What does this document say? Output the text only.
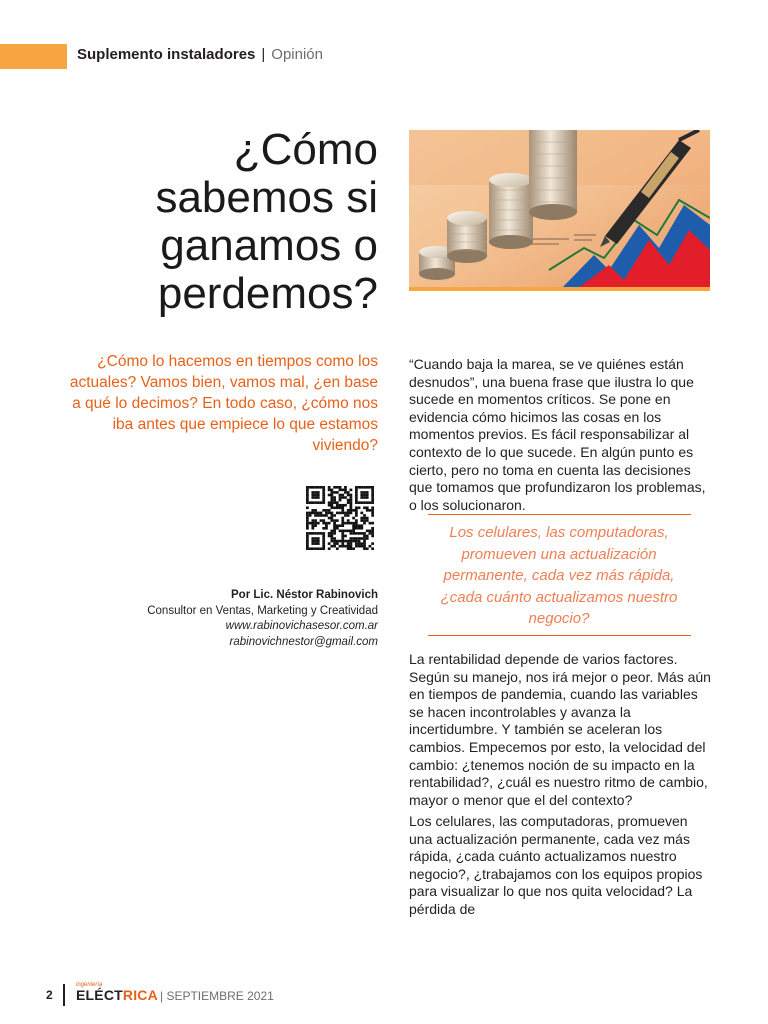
Suplemento instaladores | Opinión
¿Cómo
sabemos si
ganamos o
perdemos?

¿Cómo lo hacemos en tiempos como los actuales? Vamos bien, vamos mal, ¿en base a qué lo decimos? En todo caso, ¿cómo nos iba antes que empiece lo que estamos viviendo?

Por Lic. Néstor Rabinovich
Consultor en Ventas, Marketing y Creatividad
www.rabinovichasesor.com.ar
rabinovichnestor@gmail.com

“Cuando baja la marea, se ve quiénes están desnudos”, una buena frase que ilustra lo que sucede en momentos críticos. Se pone en evidencia cómo hicimos las cosas en los momentos previos. Es fácil responsabilizar al contexto de lo que sucede. En algún punto es cierto, pero no toma en cuenta las decisiones que tomamos que profundizaron los problemas, o los solucionaron.

Los celulares, las computadoras, promueven una actualización permanente, cada vez más rápida, ¿cada cuánto actualizamos nuestro negocio?

La rentabilidad depende de varios factores. Según su manejo, nos irá mejor o peor. Más aún en tiempos de pandemia, cuando las variables se hacen incontrolables y avanza la incertidumbre. Y también se aceleran los cambios. Empecemos por esto, la velocidad del cambio: ¿tenemos noción de su impacto en la rentabilidad?, ¿cuál es nuestro ritmo de cambio, mayor o menor que el del contexto?

Los celulares, las computadoras, promueven una actualización permanente, cada vez más rápida, ¿cada cuánto actualizamos nuestro negocio?, ¿trabajamos con los equipos propios para visualizar lo que nos quita velocidad? La pérdida de

2
ingeniería
ELÉCTRICA | SEPTIEMBRE 2021
